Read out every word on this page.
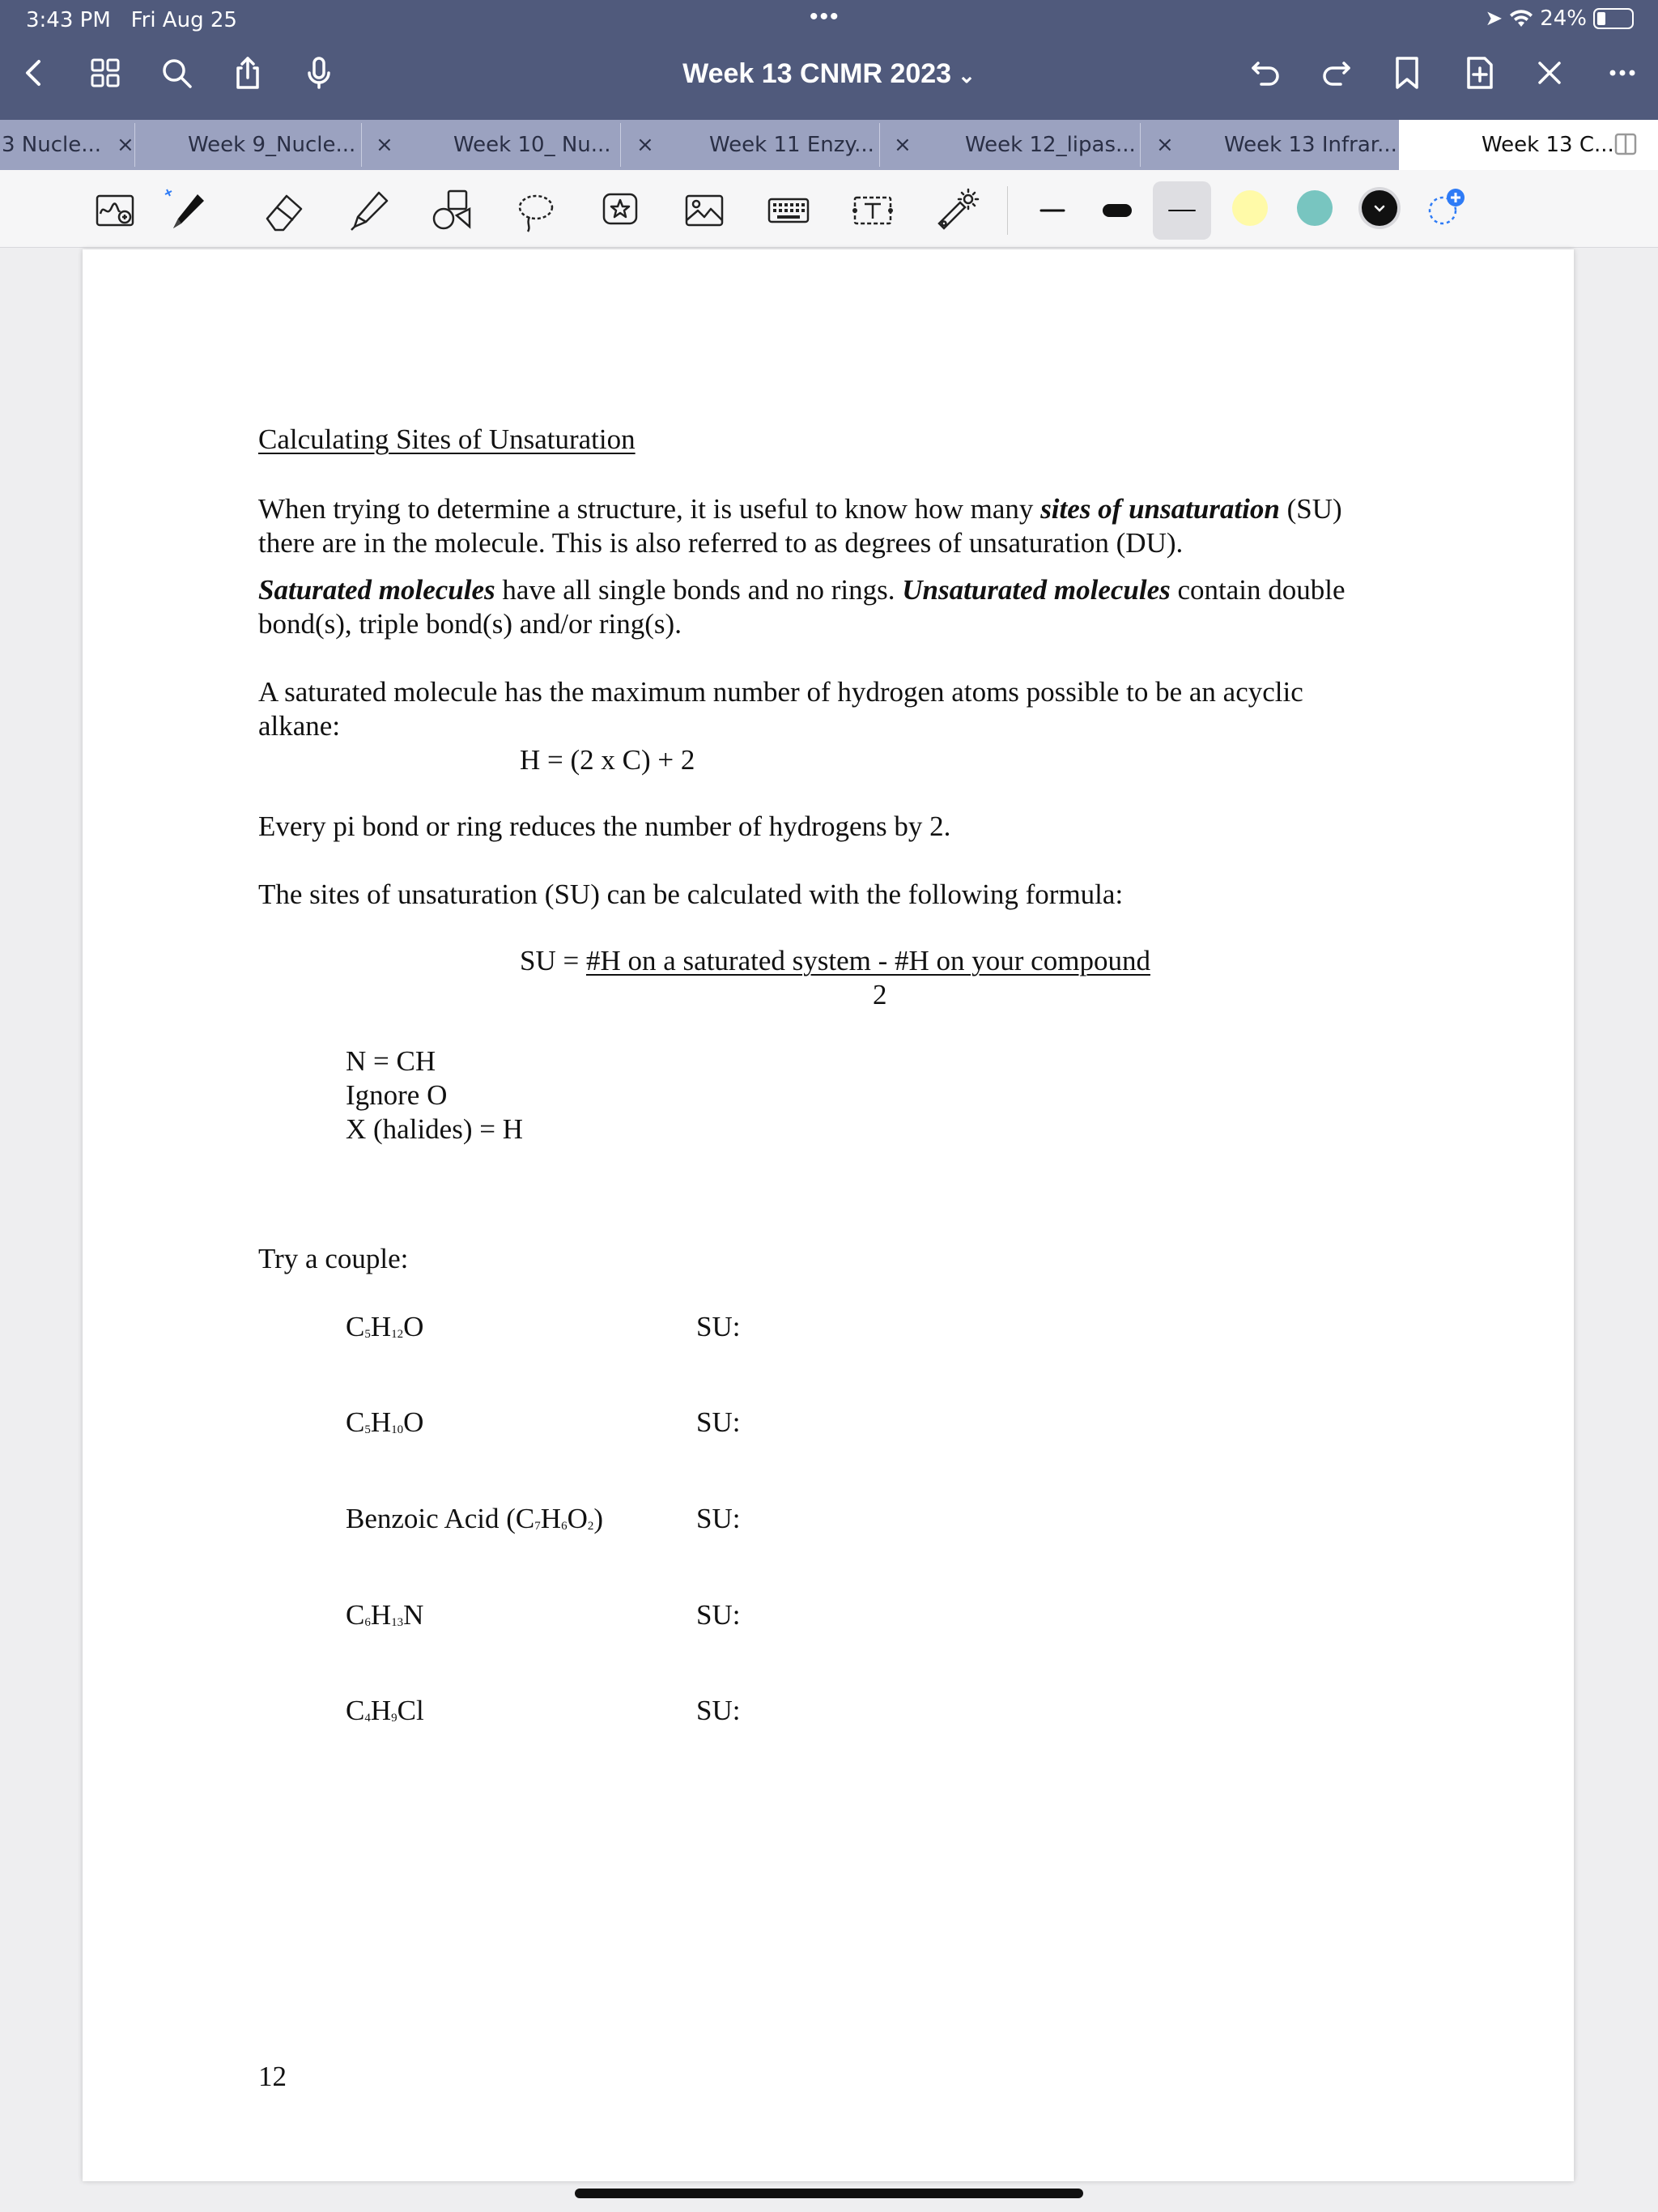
3:43 PM Fri Aug 25	•••	➤ 24%
Week 13 CNMR 2023 ⌄
3 Nucle... ×	Week 9_Nucle... ×	Week 10_ Nu... ×	Week 11 Enzy... ×	Week 12_lipas... × Week 13 Infrar...	Week 13 C...
Calculating Sites of Unsaturation
When trying to determine a structure, it is useful to know how many sites of unsaturation (SU)
there are in the molecule. This is also referred to as degrees of unsaturation (DU).
Saturated molecules have all single bonds and no rings. Unsaturated molecules contain double
bond(s), triple bond(s) and/or ring(s).
A saturated molecule has the maximum number of hydrogen atoms possible to be an acyclic
alkane:
H = (2 x C) + 2
Every pi bond or ring reduces the number of hydrogens by 2.
The sites of unsaturation (SU) can be calculated with the following formula:
SU = #H on a saturated system - #H on your compound
2
N = CH
Ignore O
X (halides) = H
Try a couple:
C5H12O	SU:
C5H10O	SU:
Benzoic Acid (C7H6O2)	SU:
C6H13N	SU:
C4H9Cl	SU:
12
